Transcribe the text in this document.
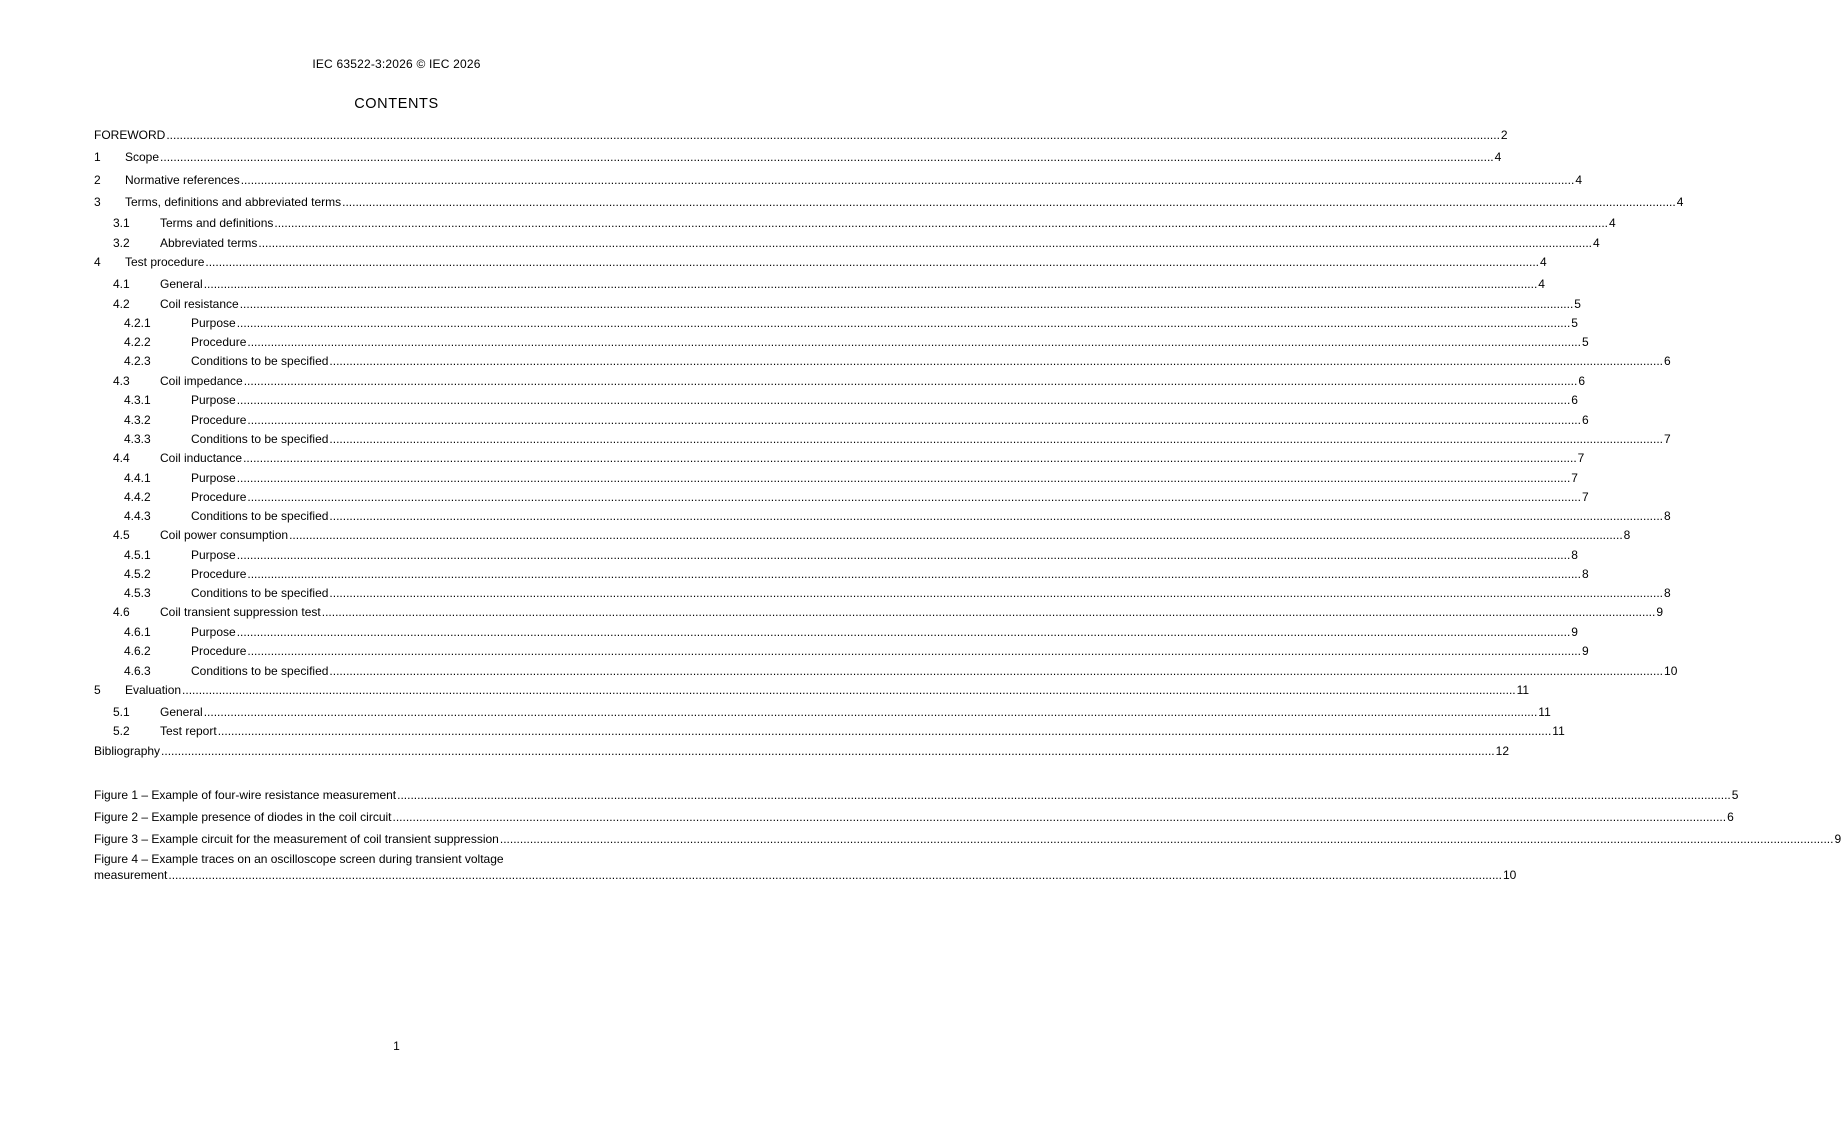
IEC 63522-3:2026 © IEC 2026
CONTENTS
FOREWORD ................................................................................................................................................................................................................................................................................................................................................................................................................ 2
1 Scope ................................................................................................................................................................................................................................................................................................................................................................................................................ 4
2 Normative references ................................................................................................................................................................................................................................................................................................................................................................................................................ 4
3 Terms, definitions and abbreviated terms ................................................................................................................................................................................................................................................................................................................................................................................................................ 4
3.1	Terms and definitions ................................................................................................................................................................................................................................................................................................................................................................................................................ 4
3.2	Abbreviated terms ................................................................................................................................................................................................................................................................................................................................................................................................................ 4
4 Test procedure ................................................................................................................................................................................................................................................................................................................................................................................................................ 4
4.1	General ................................................................................................................................................................................................................................................................................................................................................................................................................ 4
4.2	Coil resistance ................................................................................................................................................................................................................................................................................................................................................................................................................ 5
4.2.1	Purpose ................................................................................................................................................................................................................................................................................................................................................................................................................ 5
4.2.2	Procedure ................................................................................................................................................................................................................................................................................................................................................................................................................ 5
4.2.3	Conditions to be specified ................................................................................................................................................................................................................................................................................................................................................................................................................ 6
4.3	Coil impedance ................................................................................................................................................................................................................................................................................................................................................................................................................ 6
4.3.1	Purpose ................................................................................................................................................................................................................................................................................................................................................................................................................ 6
4.3.2	Procedure ................................................................................................................................................................................................................................................................................................................................................................................................................ 6
4.3.3	Conditions to be specified ................................................................................................................................................................................................................................................................................................................................................................................................................ 7
4.4	Coil inductance ................................................................................................................................................................................................................................................................................................................................................................................................................ 7
4.4.1	Purpose ................................................................................................................................................................................................................................................................................................................................................................................................................ 7
4.4.2	Procedure ................................................................................................................................................................................................................................................................................................................................................................................................................ 7
4.4.3	Conditions to be specified ................................................................................................................................................................................................................................................................................................................................................................................................................ 8
4.5	Coil power consumption ................................................................................................................................................................................................................................................................................................................................................................................................................ 8
4.5.1	Purpose ................................................................................................................................................................................................................................................................................................................................................................................................................ 8
4.5.2	Procedure ................................................................................................................................................................................................................................................................................................................................................................................................................ 8
4.5.3	Conditions to be specified ................................................................................................................................................................................................................................................................................................................................................................................................................ 8
4.6	Coil transient suppression test ................................................................................................................................................................................................................................................................................................................................................................................................................ 9
4.6.1	Purpose ................................................................................................................................................................................................................................................................................................................................................................................................................ 9
4.6.2	Procedure ................................................................................................................................................................................................................................................................................................................................................................................................................ 9
4.6.3	Conditions to be specified ................................................................................................................................................................................................................................................................................................................................................................................................................ 10
5 Evaluation ................................................................................................................................................................................................................................................................................................................................................................................................................ 11
5.1	General ................................................................................................................................................................................................................................................................................................................................................................................................................ 11
5.2	Test report ................................................................................................................................................................................................................................................................................................................................................................................................................ 11
Bibliography ................................................................................................................................................................................................................................................................................................................................................................................................................ 12
Figure 1 – Example of four-wire resistance measurement ................................................................................................................................................................................................................................................................................................................................................................................................................ 5
Figure 2 – Example presence of diodes in the coil circuit ................................................................................................................................................................................................................................................................................................................................................................................................................ 6
Figure 3 – Example circuit for the measurement of coil transient suppression ................................................................................................................................................................................................................................................................................................................................................................................................................ 9
Figure 4 – Example traces on an oscilloscope screen during transient voltage
measurement ................................................................................................................................................................................................................................................................................................................................................................................................................ 10
1
